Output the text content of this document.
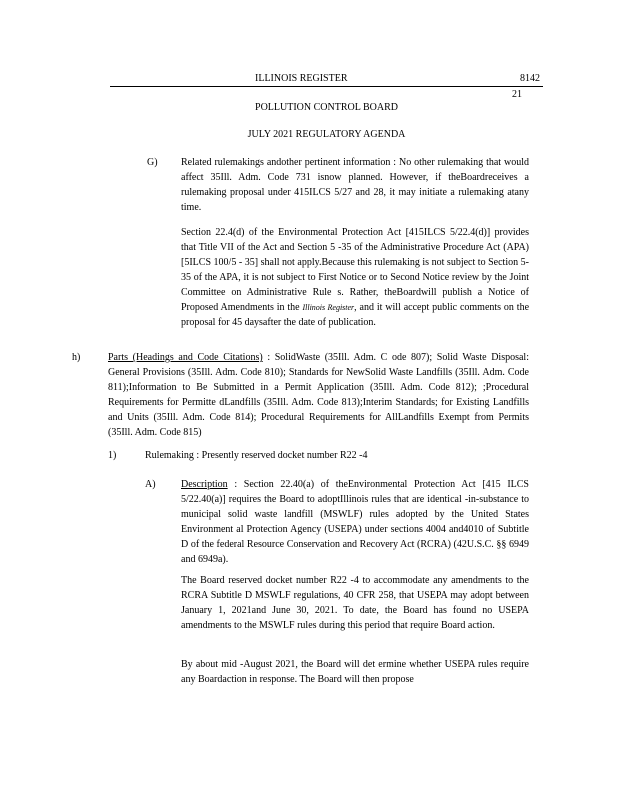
ILLINOIS REGISTER	8142
21
POLLUTION CONTROL BOARD
JULY 2021 REGULATORY AGENDA
G) Related rulemakings andother pertinent information : No other rulemaking that would affect 35Ill. Adm. Code 731 isnow planned. However, if theBoardreceives a rulemaking proposal under 415ILCS 5/27 and 28, it may initiate a rulemaking atany time.

Section 22.4(d) of the Environmental Protection Act [415ILCS 5/22.4(d)] provides that Title VII of the Act and Section 5 -35 of the Administrative Procedure Act (APA) [5ILCS 100/5 - 35] shall not apply.Because this rulemaking is not subject to Section 5-35 of the APA, it is not subject to First Notice or to Second Notice review by the Joint Committee on Administrative Rule s. Rather, theBoardwill publish a Notice of Proposed Amendments in the Illinois Register, and it will accept public comments on the proposal for 45 daysafter the date of publication.

h)	Parts (Headings and Code Citations) : SolidWaste (35Ill. Adm. C ode 807); Solid Waste Disposal: General Provisions (35Ill. Adm. Code 810); Standards for NewSolid Waste Landfills (35Ill. Adm. Code 811);Information to Be Submitted in a Permit Application (35Ill. Adm. Code 812); ;Procedural Requirements for Permitte dLandfills (35Ill. Adm. Code 813);Interim Standards; for Existing Landfills and Units (35Ill. Adm. Code 814); Procedural Requirements for AllLandfills Exempt from Permits (35Ill. Adm. Code 815)

1)	Rulemaking : Presently reserved docket number R22 -4
A)	Description : Section 22.40(a) of theEnvironmental Protection Act [415 ILCS 5/22.40(a)] requires the Board to adoptIllinois rules that are identical -in-substance to municipal solid waste landfill (MSWLF) rules adopted by the United States Environment al Protection Agency (USEPA) under sections 4004 and4010 of Subtitle D of the federal Resource Conservation and Recovery Act (RCRA) (42U.S.C. §§ 6949 and 6949a).

The Board reserved docket number R22 -4 to accommodate any amendments to the RCRA Subtitle D MSWLF regulations, 40 CFR 258, that USEPA may adopt between January 1, 2021and June 30, 2021. To date, the Board has found no USEPA amendments to the MSWLF rules during this period that require Board action.

By about mid -August 2021, the Board will det ermine whether USEPA rules require any Boardaction in response. The Board will then propose
